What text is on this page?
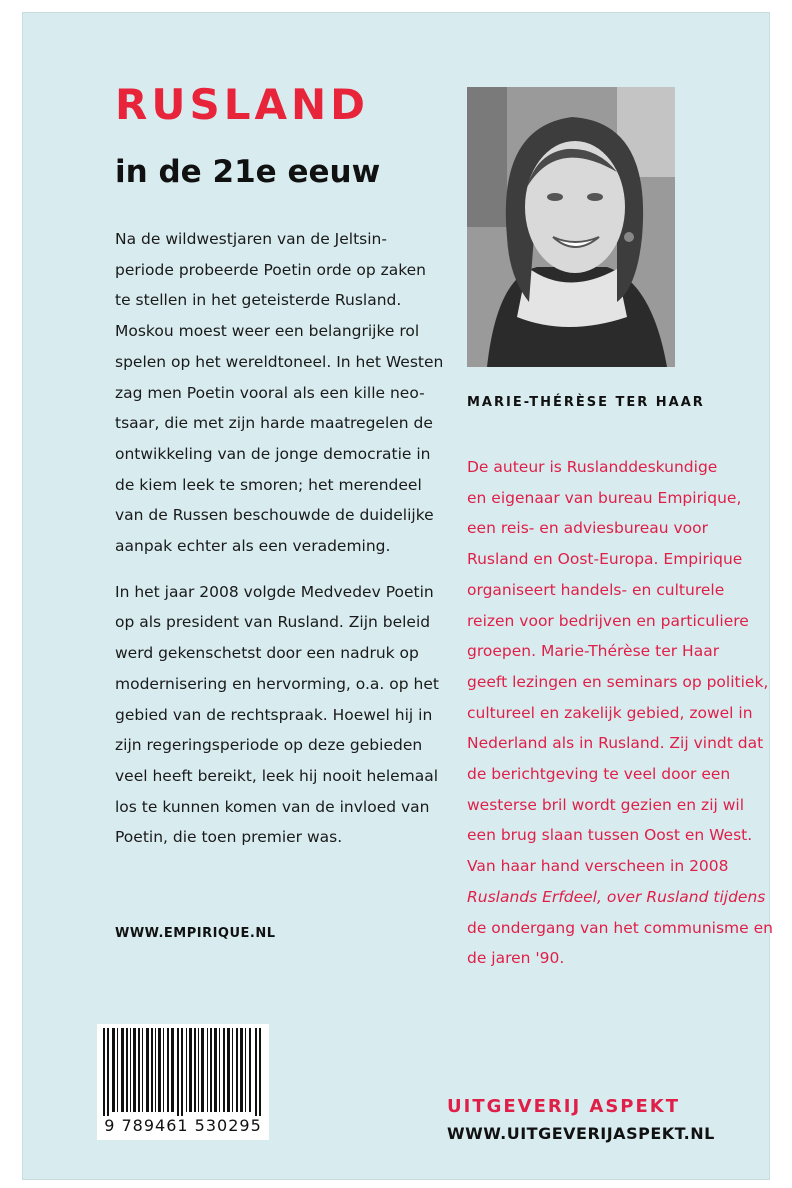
RUSLAND
in de 21e eeuw

Na de wildwestjaren van de Jeltsin-
periode probeerde Poetin orde op zaken
te stellen in het geteisterde Rusland.
Moskou moest weer een belangrijke rol
spelen op het wereldtoneel. In het Westen
zag men Poetin vooral als een kille neo-
tsaar, die met zijn harde maatregelen de
ontwikkeling van de jonge democratie in
de kiem leek te smoren; het merendeel
van de Russen beschouwde de duidelijke
aanpak echter als een verademing.

In het jaar 2008 volgde Medvedev Poetin
op als president van Rusland. Zijn beleid
werd gekenschetst door een nadruk op
modernisering en hervorming, o.a. op het
gebied van de rechtspraak. Hoewel hij in
zijn regeringsperiode op deze gebieden
veel heeft bereikt, leek hij nooit helemaal
los te kunnen komen van de invloed van
Poetin, die toen premier was.

WWW.EMPIRIQUE.NL
MARIE-THÉRÈSE TER HAAR

De auteur is Ruslanddeskundige
en eigenaar van bureau Empirique,
een reis- en adviesbureau voor
Rusland en Oost-Europa. Empirique
organiseert handels- en culturele
reizen voor bedrijven en particuliere
groepen. Marie-Thérèse ter Haar
geeft lezingen en seminars op politiek,
cultureel en zakelijk gebied, zowel in
Nederland als in Rusland. Zij vindt dat
de berichtgeving te veel door een
westerse bril wordt gezien en zij wil
een brug slaan tussen Oost en West.
Van haar hand verscheen in 2008
Ruslands Erfdeel, over Rusland tijdens
de ondergang van het communisme en
de jaren '90.

9 789461 530295
UITGEVERIJ ASPEKT
WWW.UITGEVERIJASPEKT.NL
